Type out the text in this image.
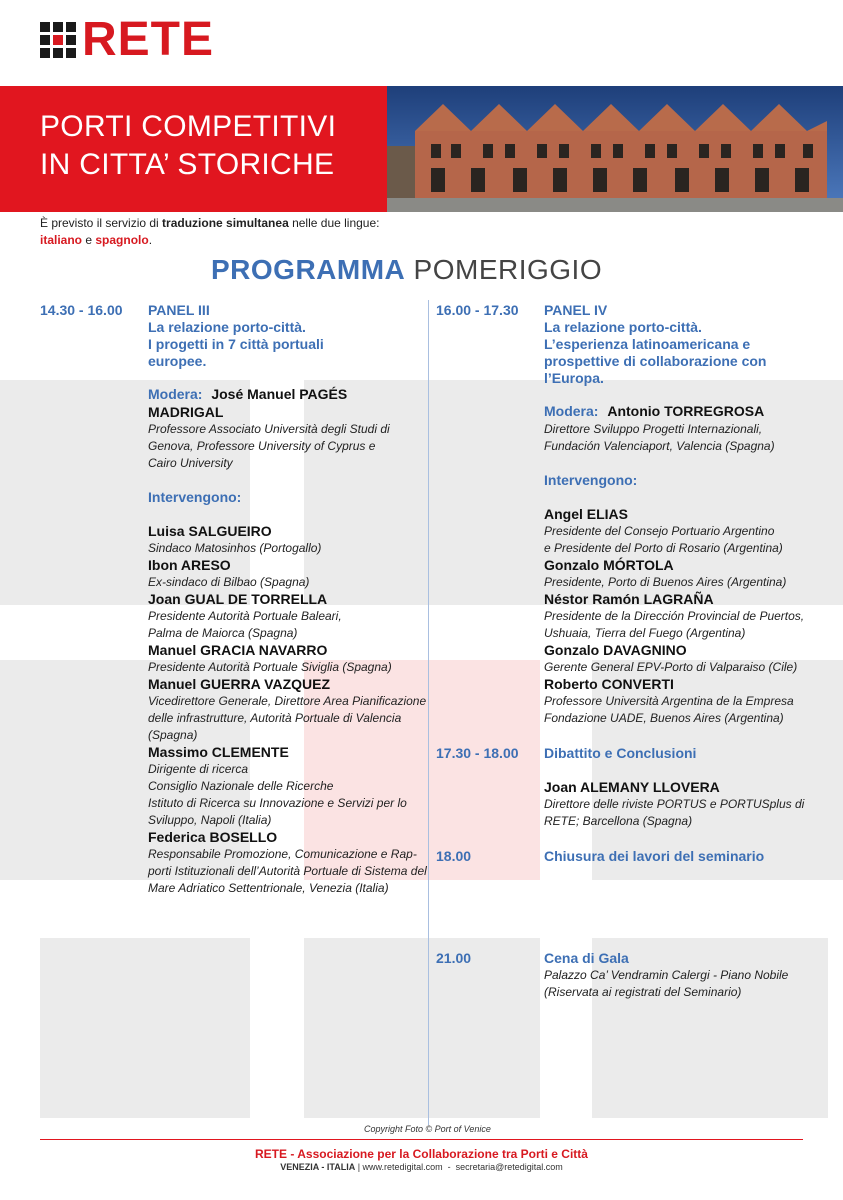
RETE
PORTI COMPETITIVI
IN CITTA’ STORICHE
È previsto il servizio di traduzione simultanea nelle due lingue:
italiano e spagnolo.
PROGRAMMA POMERIGGIO
14.30 - 16.00 PANEL III
La relazione porto-città.
I progetti in 7 città portuali
europee.
Modera: José Manuel PAGÉS
MADRIGAL
Professore Associato Università degli Studi di
Genova, Professore University of Cyprus e
Cairo University
Intervengono:
Luisa SALGUEIRO
Sindaco Matosinhos (Portogallo)
Ibon ARESO
Ex-sindaco di Bilbao (Spagna)
Joan GUAL DE TORRELLA
Presidente Autorità Portuale Baleari,
Palma de Maiorca (Spagna)
Manuel GRACIA NAVARRO
Presidente Autorità Portuale Siviglia (Spagna)
Manuel GUERRA VAZQUEZ
Vicedirettore Generale, Direttore Area Pianificazione
delle infrastrutture, Autorità Portuale di Valencia
(Spagna)
Massimo CLEMENTE
Dirigente di ricerca
Consiglio Nazionale delle Ricerche
Istituto di Ricerca su Innovazione e Servizi per lo
Sviluppo, Napoli (Italia)
Federica BOSELLO
Responsabile Promozione, Comunicazione e Rap-
porti Istituzionali dell’Autorità Portuale di Sistema del
Mare Adriatico Settentrionale, Venezia (Italia)
16.00 - 17.30 PANEL IV
La relazione porto-città.
L’esperienza latinoamericana e
prospettive di collaborazione con
l’Europa.
Modera: Antonio TORREGROSA
Direttore Sviluppo Progetti Internazionali,
Fundación Valenciaport, Valencia (Spagna)
Intervengono:
Angel ELIAS
Presidente del Consejo Portuario Argentino
e Presidente del Porto di Rosario (Argentina)
Gonzalo MÓRTOLA
Presidente, Porto di Buenos Aires (Argentina)
Néstor Ramón LAGRAÑA
Presidente de la Dirección Provincial de Puertos,
Ushuaia, Tierra del Fuego (Argentina)
Gonzalo DAVAGNINO
Gerente General EPV-Porto di Valparaiso (Cile)
Roberto CONVERTI
Professore Università Argentina de la Empresa
Fondazione UADE, Buenos Aires (Argentina)
17.30 - 18.00 Dibattito e Conclusioni
Joan ALEMANY LLOVERA
Direttore delle riviste PORTUS e PORTUSplus di
RETE; Barcellona (Spagna)
18.00	Chiusura dei lavori del seminario
21.00	Cena di Gala
Palazzo Ca’ Vendramin Calergi - Piano Nobile
(Riservata ai registrati del Seminario)
Copyright Foto © Port of Venice
RETE - Associazione per la Collaborazione tra Porti e Città
VENEZIA - ITALIA | www.retedigital.com - secretaria@retedigital.com
